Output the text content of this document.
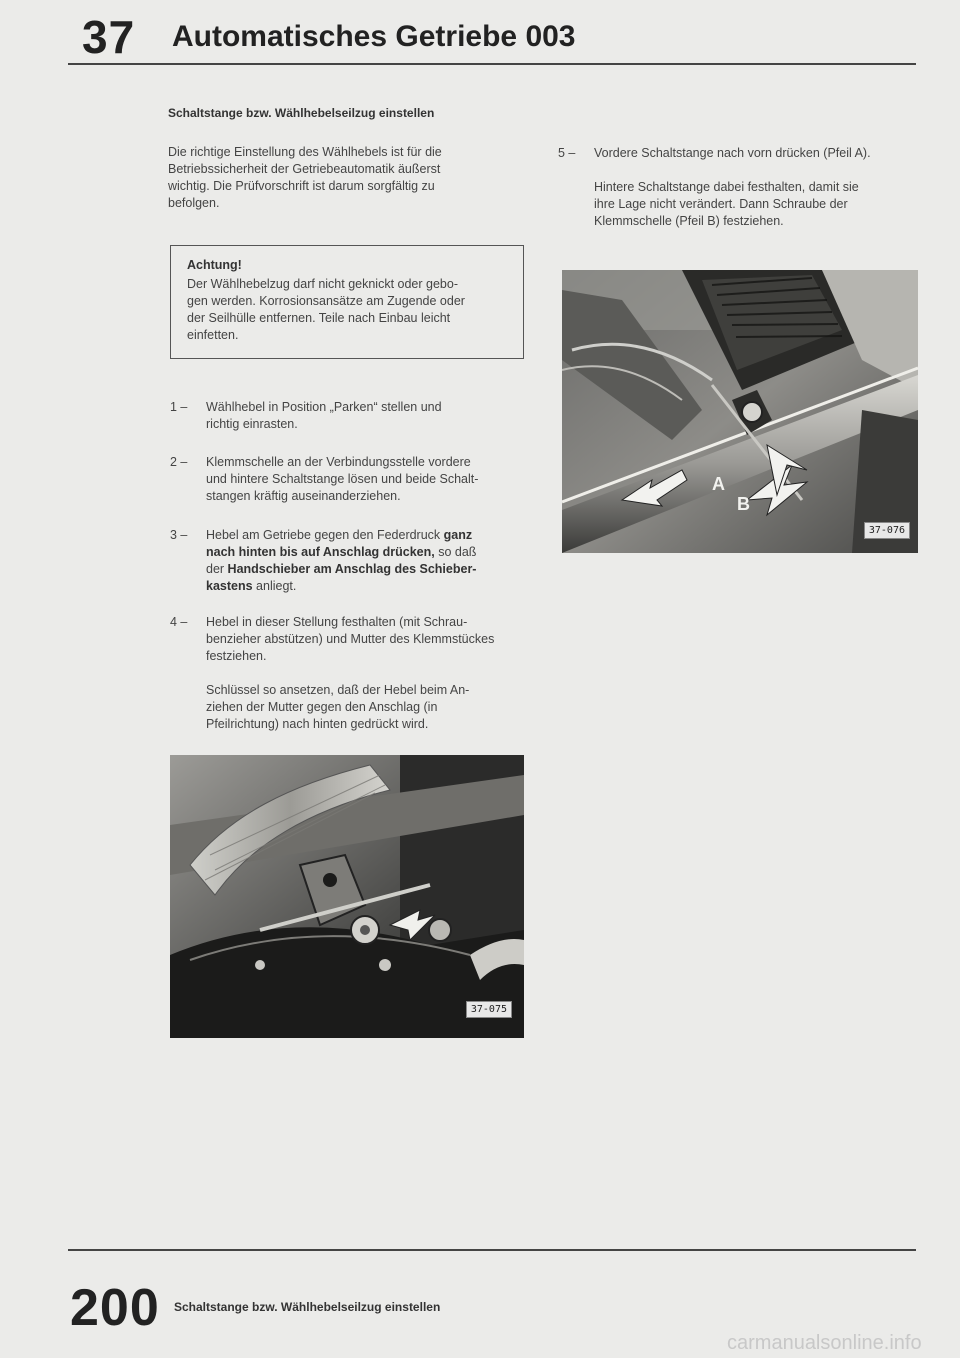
37 Automatisches Getriebe 003
Schaltstange bzw. Wählhebelseilzug einstellen
Die richtige Einstellung des Wählhebels ist für die
Betriebssicherheit der Getriebeautomatik äußerst
wichtig. Die Prüfvorschrift ist darum sorgfältig zu
befolgen.
Achtung!
Der Wählhebelzug darf nicht geknickt oder gebo-
gen werden. Korrosionsansätze am Zugende oder
der Seilhülle entfernen. Teile nach Einbau leicht
einfetten.
1 –	Wählhebel in Position „Parken“ stellen und
richtig einrasten.
2 –	Klemmschelle an der Verbindungsstelle vordere
und hintere Schaltstange lösen und beide Schalt-
stangen kräftig auseinanderziehen.
3 –	Hebel am Getriebe gegen den Federdruck ganz
nach hinten bis auf Anschlag drücken, so daß
der Handschieber am Anschlag des Schieber-
kastens anliegt.
4 –	Hebel in dieser Stellung festhalten (mit Schrau-
benzieher abstützen) und Mutter des Klemmstückes
festziehen.
Schlüssel so ansetzen, daß der Hebel beim An-
ziehen der Mutter gegen den Anschlag (in
Pfeilrichtung) nach hinten gedrückt wird.
5 –	Vordere Schaltstange nach vorn drücken (Pfeil A).
Hintere Schaltstange dabei festhalten, damit sie
ihre Lage nicht verändert. Dann Schraube der
Klemmschelle (Pfeil B) festziehen.
A
B
37-076
37-075
200 Schaltstange bzw. Wählhebelseilzug einstellen
carmanualsonline.info
